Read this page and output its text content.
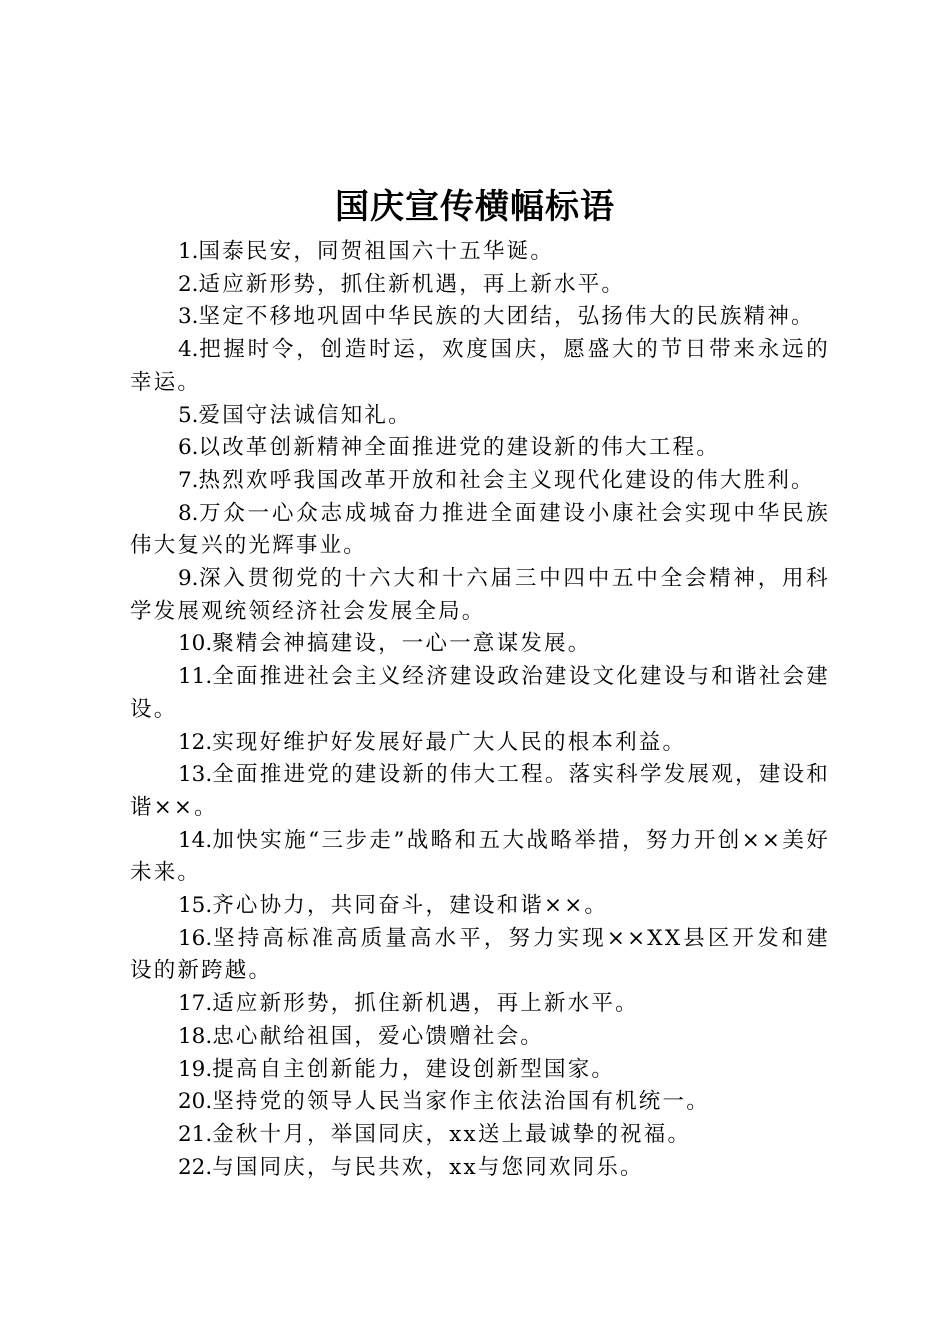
国庆宣传横幅标语

1.国泰民安，同贺祖国六十五华诞。

2.适应新形势，抓住新机遇，再上新水平。

3.坚定不移地巩固中华民族的大团结，弘扬伟大的民族精神。

4.把握时令，创造时运，欢度国庆，愿盛大的节日带来永远的幸运。

5.爱国守法诚信知礼。

6.以改革创新精神全面推进党的建设新的伟大工程。

7.热烈欢呼我国改革开放和社会主义现代化建设的伟大胜利。

8.万众一心众志成城奋力推进全面建设小康社会实现中华民族伟大复兴的光辉事业。

9.深入贯彻党的十六大和十六届三中四中五中全会精神，用科学发展观统领经济社会发展全局。

10.聚精会神搞建设，一心一意谋发展。

11.全面推进社会主义经济建设政治建设文化建设与和谐社会建设。

12.实现好维护好发展好最广大人民的根本利益。

13.全面推进党的建设新的伟大工程。落实科学发展观，建设和谐××。

14.加快实施“三步走”战略和五大战略举措，努力开创××美好未来。

15.齐心协力，共同奋斗，建设和谐××。

16.坚持高标准高质量高水平，努力实现××XX县区开发和建设的新跨越。

17.适应新形势，抓住新机遇，再上新水平。

18.忠心献给祖国，爱心馈赠社会。

19.提高自主创新能力，建设创新型国家。

20.坚持党的领导人民当家作主依法治国有机统一。

21.金秋十月，举国同庆，xx送上最诚挚的祝福。

22.与国同庆，与民共欢，xx与您同欢同乐。
